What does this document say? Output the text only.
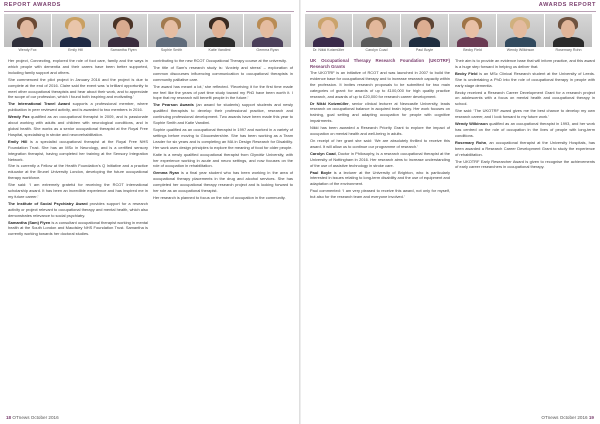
REPORT AWARDS	AWARDS REPORT
Wendy Fox	Emily Hill	Samantha Flyen	Sophie Smith	Katie Vandimi	Gemma Ryan	Dr. Nikki Kotzmüller	Carolyn Coad	Paul Boyle	Becky Field	Wendy Wilkinson	Rosemary Rohn

Her project, Connecting, explored the role of foot care, family and the ways in which people with dementia and their carers have been better supported, including family support and others.

She commenced the pilot project in January 2016 and the project is due to complete at the end of 2016. Claire said the event was ‘a brilliant opportunity to meet other occupational therapists and hear about their work, and to appreciate the scope of our profession, which I found both inspiring and motivating.’

The International Travel Award supports a professional member, where publication in peer reviewed activity, and is awarded to two members in 2016.

Wendy Fox qualified as an occupational therapist in 2009, and is passionate about working with adults and children with neurological conditions, and in global health. She works as a senior occupational therapist at the Royal Free Hospital, specialising in stroke and neurorehabilitation.

Emily Hill is a specialist occupational therapist at the Royal Free NHS Foundation Trust. She has an MSc in Neurology, and is a certified sensory integration therapist, having completed her training at the Sensory Integration Network.

She is currently a Fellow at the Health Foundation’s Q Initiative and a practice educator at the Brunel University London, developing the future occupational therapy workforce.

She said: ‘I am extremely grateful for receiving the RCOT international scholarship award. It has been an incredible experience and has inspired me in my future career.’

The Institute of Social Psychiatry Award provides support for a research activity or project relevant to occupational therapy and mental health, which also demonstrates relevance to social psychiatry.

Samantha (Sam) Flyen is a consultant occupational therapist working in mental health at the South London and Maudsley NHS Foundation Trust. Samantha is currently working towards her doctoral studies.

contributing to the new RCOT Occupational Therapy course at the university.

The title of Sam’s research study is: ‘Anxiety and stress’ – exploration of common discourses influencing communication to occupational therapists in community palliative care.

The award has meant a lot,’ she reflected. ‘Receiving it for the first time made me feel like the years of part time study toward my PhD have been worth it. I hope that my research will benefit people in the future.’

The Pearson Awards (an award for students) support students and newly qualified therapists to develop their professional practice, research and continuing professional development. Two awards have been made this year to Sophie Smith and Katie Vandimi.

Sophie qualified as an occupational therapist in 1997 and worked in a variety of settings before moving to Gloucestershire. She has been working as a Team Leader for six years and is completing an MA in Design Research for Disability. Her work uses design principles to explore the meaning of food for older people.

Katie is a newly qualified occupational therapist from Glyndŵr University, with her experience working in acute and neuro settings, and now focuses on the role of occupation in rehabilitation.

Gemma Ryan is a final year student who has been working in the area of occupational therapy placements in the drug and alcohol services. She has completed her occupational therapy research project and is looking forward to her role as an occupational therapist.

Her research is planned to focus on the role of occupation in the community.

UK Occupational Therapy Research Foundation (UKOTRF) Research Grants

The UKOTRF is an initiative of RCOT and was launched in 2007 to build the evidence base for occupational therapy and to increase research capacity within the profession. It invites research proposals to be submitted for two main categories of grant: for awards of up to £100,000 for high quality practice research, and awards of up to £20,000 for research career development.

Dr Nikki Kotzmüller, senior clinical lecturer at Newcastle University, leads research on occupational balance in acquired brain injury. Her work focuses on training, goal setting and adapting occupation for people with cognitive impairments.

Nikki has been awarded a Research Priority Grant to explore the impact of occupation on mental health and well-being in adults.

On receipt of her grant she said: ‘We are absolutely thrilled to receive this award. It will allow us to continue our programme of research.’

Carolyn Coad, Doctor in Philosophy, is a research occupational therapist at the University of Nottingham in 2016. Her research aims to increase understanding of the use of assistive technology in stroke care.

Paul Boyle is a lecturer at the University of Brighton, who is particularly interested in issues relating to long-term disability and the use of equipment and adaptation of the environment.

Paul commented: ‘I am very pleased to receive this award, not only for myself, but also for the research team and everyone involved.’

Their aim is to provide an evidence base that will inform practice, and this award is a huge step forward in helping us deliver that.

Becky Field is an MSc Clinical Research student at the University of Leeds. She is undertaking a PhD into the role of occupational therapy in people with early stage dementia.

Becky received a Research Career Development Grant for a research project on adolescents with a focus on mental health and occupational therapy in school.

She said: ‘The UKOTRF award gives me the best chance to develop my own research career, and I look forward to my future work.’

Wendy Wilkinson qualified as an occupational therapist in 1993, and her work has centred on the role of occupation in the lives of people with long-term conditions.

Rosemary Rohn, an occupational therapist at the University Hospitals, has been awarded a Research Career Development Grant to study the experience of rehabilitation.

The UKOTRF Early Researcher Award is given to recognise the achievements of early career researchers in occupational therapy.

18 OTnews October 2016	OTnews October 2016 19
